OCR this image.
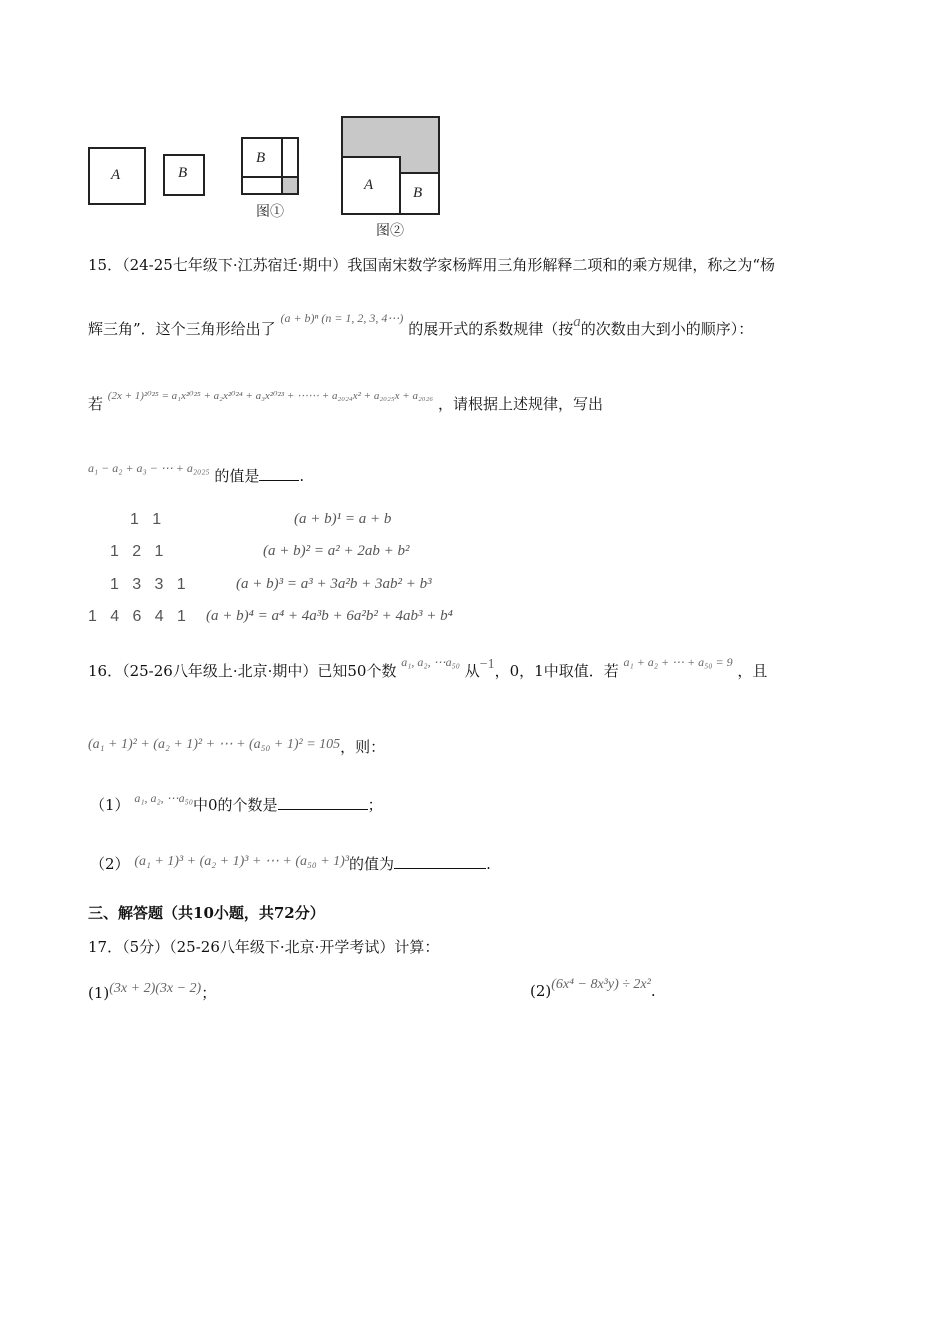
A	B
B
图①
A	B
图②
15．（24-25七年级下·江苏宿迁·期中）我国南宋数学家杨辉用三角形解释二项和的乘方规律，称之为“杨
辉三角”．这个三角形给出了 $^{(a + b)^n (n = 1, 2, 3, 4\cdots)}$ 的展开式的系数规律（按a的次数由大到小的顺序）：
若 $^{(2x + 1)^{2025} = a_1x^{2025} + a_2x^{2024} + a_3x^{2023} + \cdots\cdots + a_{2024}x^2 + a_{2025}x + a_{2026}}$ ，请根据上述规律，写出
$^{a_1 - a_2 + a_3 - \cdots + a_{2025}}$ 的值是	.
1   1
1   2   1
1   3   3   1
1   4   6   4   1
(a + b)¹ = a + b
(a + b)² = a² + 2ab + b²
(a + b)³ = a³ + 3a²b + 3ab² + b³
(a + b)⁴ = a⁴ + 4a³b + 6a²b² + 4ab³ + b⁴
16．（25-26八年级上·北京·期中）已知50个数 $^{a_1, a_2, \cdots a_{50}}$ 从−1，0，1中取值．若 $^{a_1 + a_2 + \cdots + a_{50} = 9}$ ，且
(a₁ + 1)² + (a₂ + 1)² + ⋯ + (a₅₀ + 1)² = 105，则：
（1） $^{a_1, a_2, \cdots a_{50}}$中0的个数是	；
（2） (a₁ + 1)³ + (a₂ + 1)³ + ⋯ + (a₅₀ + 1)³的值为	.
三、解答题（共10小题，共72分）
17．（5分）（25-26八年级下·北京·开学考试）计算：
(1)(3x + 2)(3x − 2)；	(2)(6x⁴ − 8x³y) ÷ 2x².
